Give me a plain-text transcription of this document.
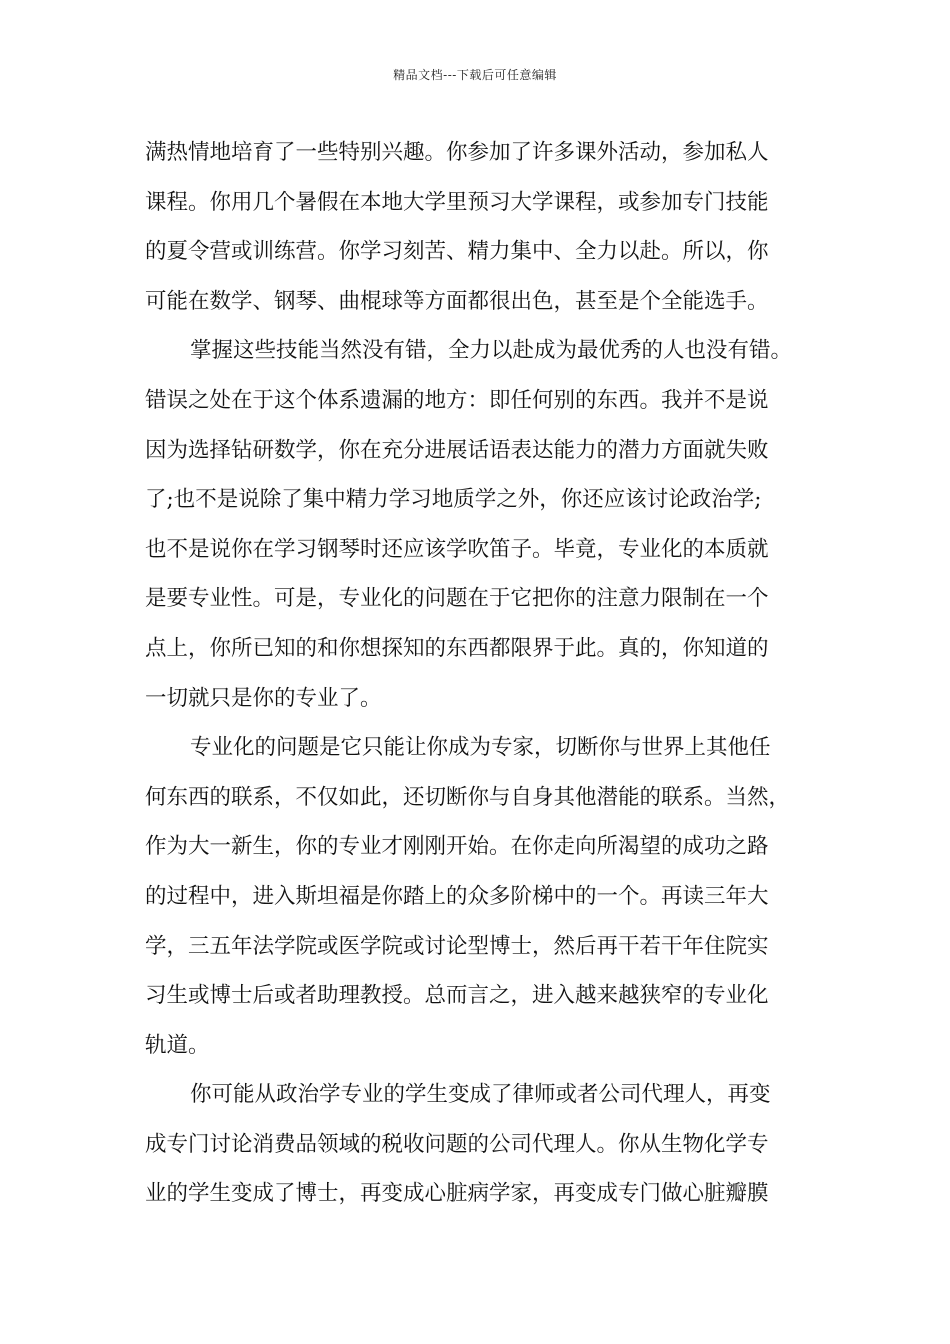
精品文档---下载后可任意编辑
满热情地培育了一些特别兴趣。你参加了许多课外活动，参加私人
课程。你用几个暑假在本地大学里预习大学课程，或参加专门技能
的夏令营或训练营。你学习刻苦、精力集中、全力以赴。所以，你
可能在数学、钢琴、曲棍球等方面都很出色，甚至是个全能选手。
掌握这些技能当然没有错，全力以赴成为最优秀的人也没有错。
错误之处在于这个体系遗漏的地方：即任何别的东西。我并不是说
因为选择钻研数学，你在充分进展话语表达能力的潜力方面就失败
了;也不是说除了集中精力学习地质学之外，你还应该讨论政治学;
也不是说你在学习钢琴时还应该学吹笛子。毕竟，专业化的本质就
是要专业性。可是，专业化的问题在于它把你的注意力限制在一个
点上，你所已知的和你想探知的东西都限界于此。真的，你知道的
一切就只是你的专业了。
专业化的问题是它只能让你成为专家，切断你与世界上其他任
何东西的联系，不仅如此，还切断你与自身其他潜能的联系。当然，
作为大一新生，你的专业才刚刚开始。在你走向所渴望的成功之路
的过程中，进入斯坦福是你踏上的众多阶梯中的一个。再读三年大
学，三五年法学院或医学院或讨论型博士，然后再干若干年住院实
习生或博士后或者助理教授。总而言之，进入越来越狭窄的专业化
轨道。
你可能从政治学专业的学生变成了律师或者公司代理人，再变
成专门讨论消费品领域的税收问题的公司代理人。你从生物化学专
业的学生变成了博士，再变成心脏病学家，再变成专门做心脏瓣膜
